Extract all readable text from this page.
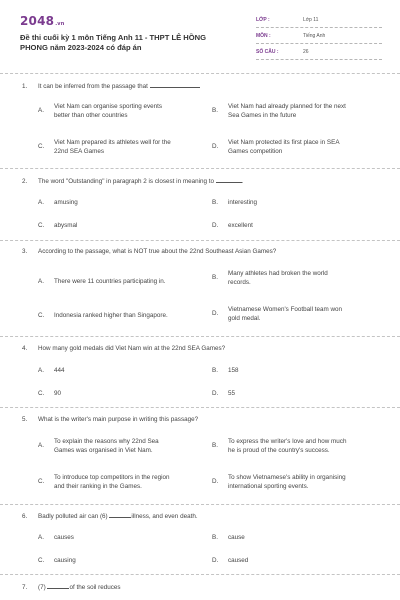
2048.vn
Đề thi cuối kỳ 1 môn Tiếng Anh 11 - THPT LÊ HỒNG
PHONG năm 2023-2024 có đáp án
LỚP :	Lớp 11
MÔN :	Tiếng Anh
SỐ CÂU :	26
1. It can be inferred from the passage that
A.
Viet Nam can organise sporting events
better than other countries
B.
Viet Nam had already planned for the next
Sea Games in the future
C.
Viet Nam prepared its athletes well for the
22nd SEA Games
D.
Viet Nam protected its first place in SEA
Games competition
2. The word "Outstanding" in paragraph 2 is closest in meaning to	.
A. amusing	B. interesting
C. abysmal	D. excellent
3. According to the passage, what is NOT true about the 22nd Southeast Asian Games?
A. There were 11 countries participating in.
B.
Many athletes had broken the world
records.
C. Indonesia ranked higher than Singapore.	D.
Vietnamese Women's Football team won
gold medal.
4. How many gold medals did Viet Nam win at the 22nd SEA Games?
A. 444	B. 158
C. 90	D. 55
5. What is the writer's main purpose in writing this passage?
A.
To explain the reasons why 22nd Sea
Games was organised in Viet Nam.
B.
To express the writer's love and how much
he is proud of the country's success.
C.
To introduce top competitors in the region
and their ranking in the Games.
D.
To show Vietnamese's ability in organising
international sporting events.
6. Badly polluted air can (6)	illness, and even death.
A. causes	B. cause
C. causing	D. caused
7. (7)	of the soil reduces
